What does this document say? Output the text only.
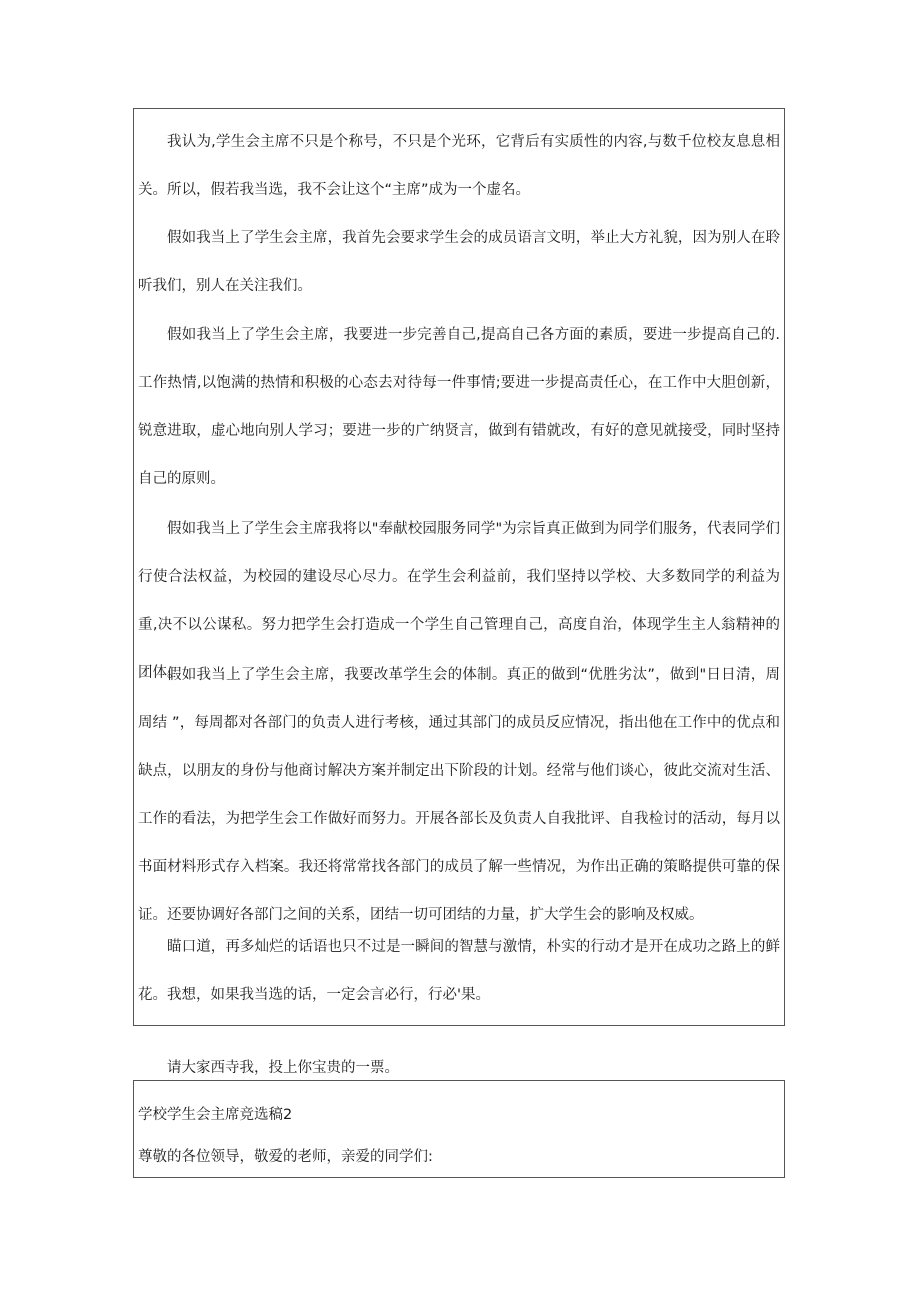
我认为,学生会主席不只是个称号，不只是个光环，它背后有实质性的内容,与数千位校友息息相关。所以，假若我当选，我不会让这个“主席”成为一个虚名。

假如我当上了学生会主席，我首先会要求学生会的成员语言文明，举止大方礼貌，因为别人在聆听我们，别人在关注我们。

假如我当上了学生会主席，我要进一步完善自己,提高自己各方面的素质，要进一步提高自己的.工作热情,以饱满的热情和积极的心态去对待每一件事情;要进一步提高责任心，在工作中大胆创新，锐意进取，虚心地向别人学习；要进一步的广纳贤言，做到有错就改，有好的意见就接受，同时坚持自己的原则。

假如我当上了学生会主席我将以"奉献校园服务同学"为宗旨真正做到为同学们服务，代表同学们行使合法权益，为校园的建设尽心尽力。在学生会利益前，我们坚持以学校、大多数同学的利益为重,决不以公谋私。努力把学生会打造成一个学生自己管理自己，高度自治，体现学生主人翁精神的团体。

假如我当上了学生会主席，我要改革学生会的体制。真正的做到“优胜劣汰”，做到"日日清，周周结 ”，每周都对各部门的负责人进行考核，通过其部门的成员反应情况，指出他在工作中的优点和缺点，以朋友的身份与他商讨解决方案并制定出下阶段的计划。经常与他们谈心，彼此交流对生活、工作的看法，为把学生会工作做好而努力。开展各部长及负责人自我批评、自我检讨的活动，每月以书面材料形式存入档案。我还将常常找各部门的成员了解一些情况，为作出正确的策略提供可靠的保证。还要协调好各部门之间的关系，团结一切可团结的力量，扩大学生会的影响及权威。

瞄口道，再多灿烂的话语也只不过是一瞬间的智慧与激情，朴实的行动才是开在成功之路上的鲜花。我想，如果我当选的话，一定会言必行，行必'果。

请大家西寺我，投上你宝贵的一票。

学校学生会主席竞选稿2

尊敬的各位领导，敬爱的老师，亲爱的同学们:
